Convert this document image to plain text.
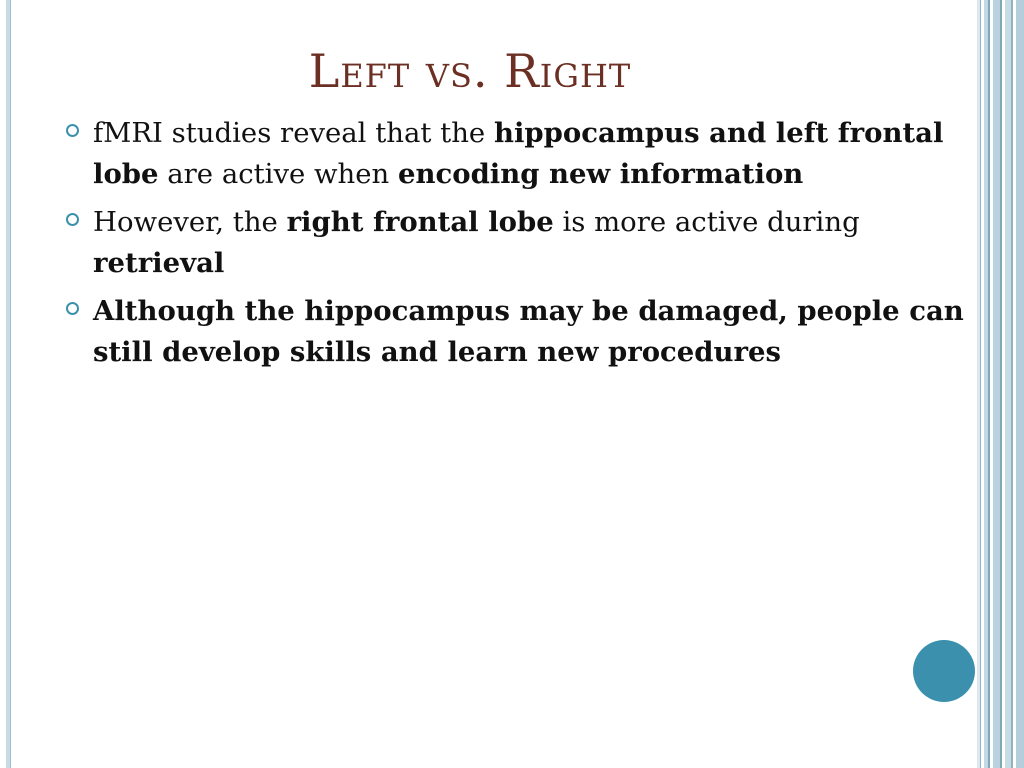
Left vs. Right
fMRI studies reveal that the hippocampus and left frontal lobe are active when encoding new information
However, the right frontal lobe is more active during retrieval
Although the hippocampus may be damaged, people can still develop skills and learn new procedures
